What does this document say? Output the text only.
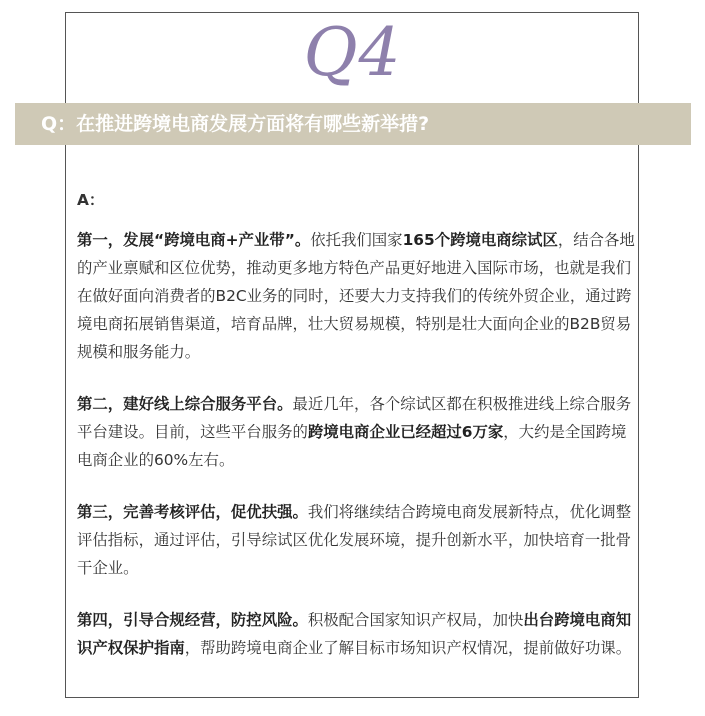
Q4
Q：在推进跨境电商发展方面将有哪些新举措?

A：

第一，发展“跨境电商+产业带”。依托我们国家165个跨境电商综试区，结合各地的产业禀赋和区位优势，推动更多地方特色产品更好地进入国际市场，也就是我们在做好面向消费者的B2C业务的同时，还要大力支持我们的传统外贸企业，通过跨境电商拓展销售渠道，培育品牌，壮大贸易规模，特别是壮大面向企业的B2B贸易规模和服务能力。

第二，建好线上综合服务平台。最近几年，各个综试区都在积极推进线上综合服务平台建设。目前，这些平台服务的跨境电商企业已经超过6万家，大约是全国跨境电商企业的60%左右。

第三，完善考核评估，促优扶强。我们将继续结合跨境电商发展新特点，优化调整评估指标，通过评估，引导综试区优化发展环境，提升创新水平，加快培育一批骨干企业。

第四，引导合规经营，防控风险。积极配合国家知识产权局，加快出台跨境电商知识产权保护指南，帮助跨境电商企业了解目标市场知识产权情况，提前做好功课。
